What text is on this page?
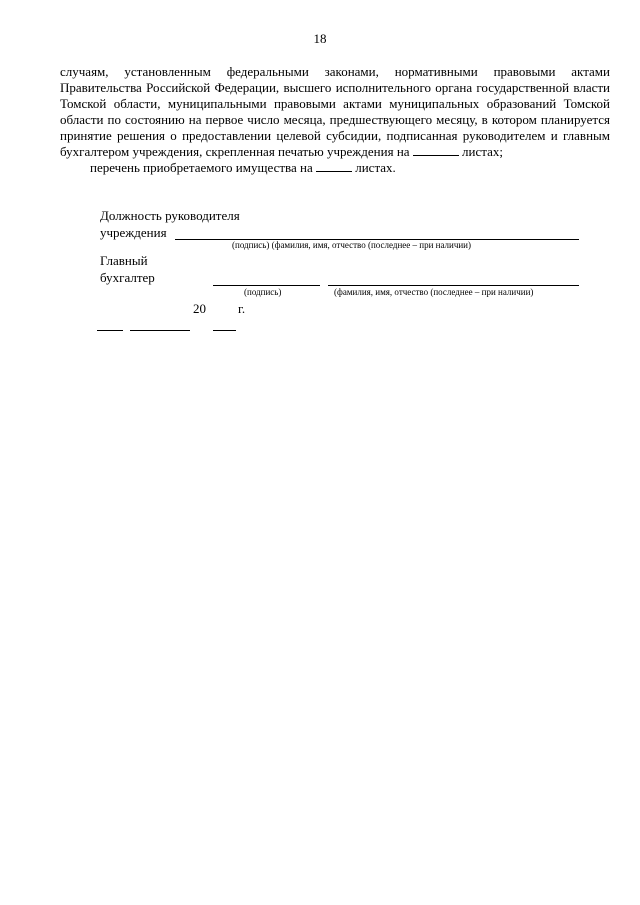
18

случаям, установленным федеральными законами, нормативными правовыми актами Правительства Российской Федерации, высшего исполнительного органа государственной власти Томской области, муниципальными правовыми актами муниципальных образований Томской области по состоянию на первое число месяца, предшествующего месяцу, в котором планируется принятие решения о предоставлении целевой субсидии, подписанная руководителем и главным бухгалтером учреждения, скрепленная печатью учреждения на	листах;

перечень приобретаемого имущества на	листах.

Должность руководителя
учреждения
(подпись) (фамилия, имя, отчество (последнее – при наличии)
Главный
бухгалтер
(подпись)	(фамилия, имя, отчество (последнее – при наличии)
20 г.
